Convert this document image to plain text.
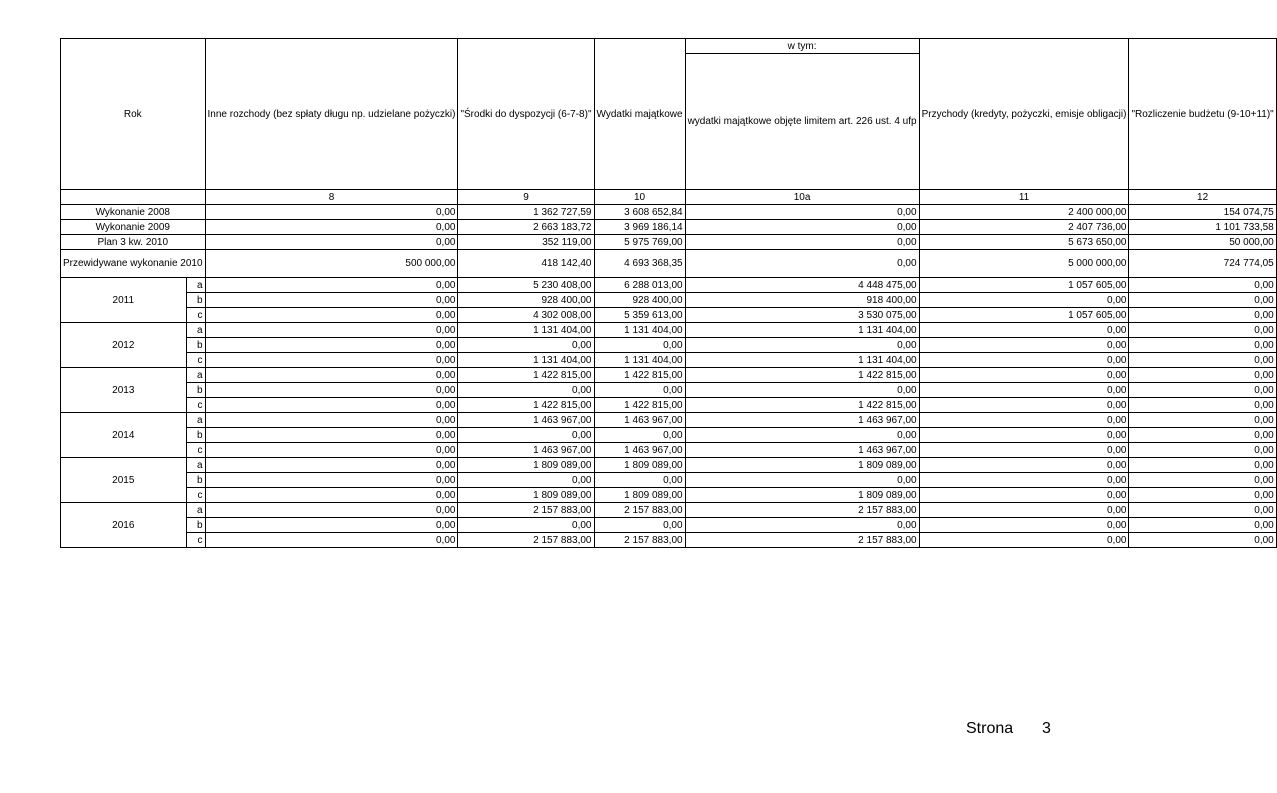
Rok		Inne rozchody (bez spłaty długu np. udzielane pożyczki)	"Środki do dyspozycji (6-7-8)"	Wydatki majątkowe	w tym:	Przychody (kredyty, pożyczki, emisje obligacji)	"Rozliczenie budżetu (9-10+11)"
					wydatki majątkowe objęte limitem art. 226 ust. 4 ufp		
		8	9	10	10a	11	12
Wykonanie 2008		0,00	1 362 727,59	3 608 652,84	0,00	2 400 000,00	154 074,75
Wykonanie 2009		0,00	2 663 183,72	3 969 186,14	0,00	2 407 736,00	1 101 733,58
Plan 3 kw. 2010		0,00	352 119,00	5 975 769,00	0,00	5 673 650,00	50 000,00
Przewidywane wykonanie 2010		500 000,00	418 142,40	4 693 368,35	0,00	5 000 000,00	724 774,05
2011	a	0,00	5 230 408,00	6 288 013,00	4 448 475,00	1 057 605,00	0,00
	b	0,00	928 400,00	928 400,00	918 400,00	0,00	0,00
	c	0,00	4 302 008,00	5 359 613,00	3 530 075,00	1 057 605,00	0,00
2012	a	0,00	1 131 404,00	1 131 404,00	1 131 404,00	0,00	0,00
	b	0,00	0,00	0,00	0,00	0,00	0,00
	c	0,00	1 131 404,00	1 131 404,00	1 131 404,00	0,00	0,00
2013	a	0,00	1 422 815,00	1 422 815,00	1 422 815,00	0,00	0,00
	b	0,00	0,00	0,00	0,00	0,00	0,00
	c	0,00	1 422 815,00	1 422 815,00	1 422 815,00	0,00	0,00
2014	a	0,00	1 463 967,00	1 463 967,00	1 463 967,00	0,00	0,00
	b	0,00	0,00	0,00	0,00	0,00	0,00
	c	0,00	1 463 967,00	1 463 967,00	1 463 967,00	0,00	0,00
2015	a	0,00	1 809 089,00	1 809 089,00	1 809 089,00	0,00	0,00
	b	0,00	0,00	0,00	0,00	0,00	0,00
	c	0,00	1 809 089,00	1 809 089,00	1 809 089,00	0,00	0,00
2016	a	0,00	2 157 883,00	2 157 883,00	2 157 883,00	0,00	0,00
	b	0,00	0,00	0,00	0,00	0,00	0,00
	c	0,00	2 157 883,00	2 157 883,00	2 157 883,00	0,00	0,00
Strona 3
